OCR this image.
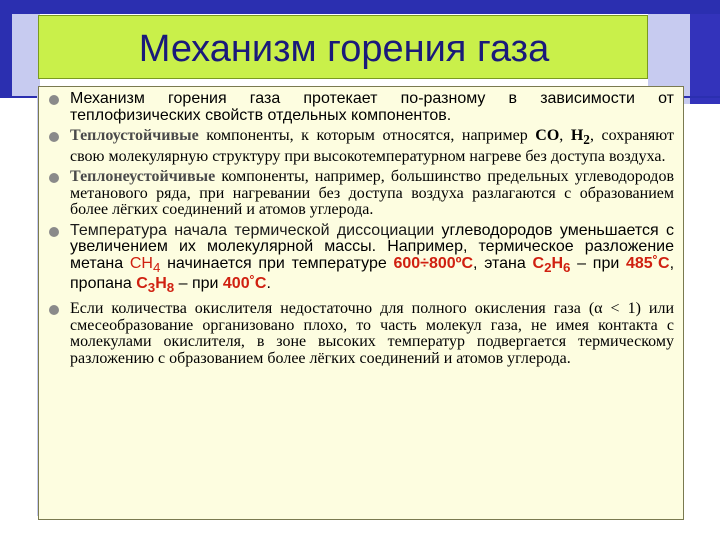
Механизм горения газа
Механизм горения газа протекает по-разному в зависимости от теплофизических свойств отдельных компонентов.
Теплоустойчивые компоненты, к которым относятся, например CO, $H_2$, сохраняют свою молекулярную структуру при высокотемпературном нагреве без доступа воздуха.
Теплонеустойчивые компоненты, например, большинство предельных углеводородов метанового ряда, при нагревании без доступа воздуха разлагаются с образованием более лёгких соединений и атомов углерода.
Температура начала термической диссоциации углеводородов уменьшается с увеличением их молекулярной массы. Например, термическое разложение метана $СН_4$ начинается при температуре 600÷800ºС, этана $С_2Н_6$ – при 485˚С, пропана $С_3Н_8$ – при 400˚С.
Если количества окислителя недостаточно для полного окисления газа (α < 1) или смесеобразование организовано плохо, то часть молекул газа, не имея контакта с молекулами окислителя, в зоне высоких температур подвергается термическому разложению с образованием более лёгких соединений и атомов углерода.
